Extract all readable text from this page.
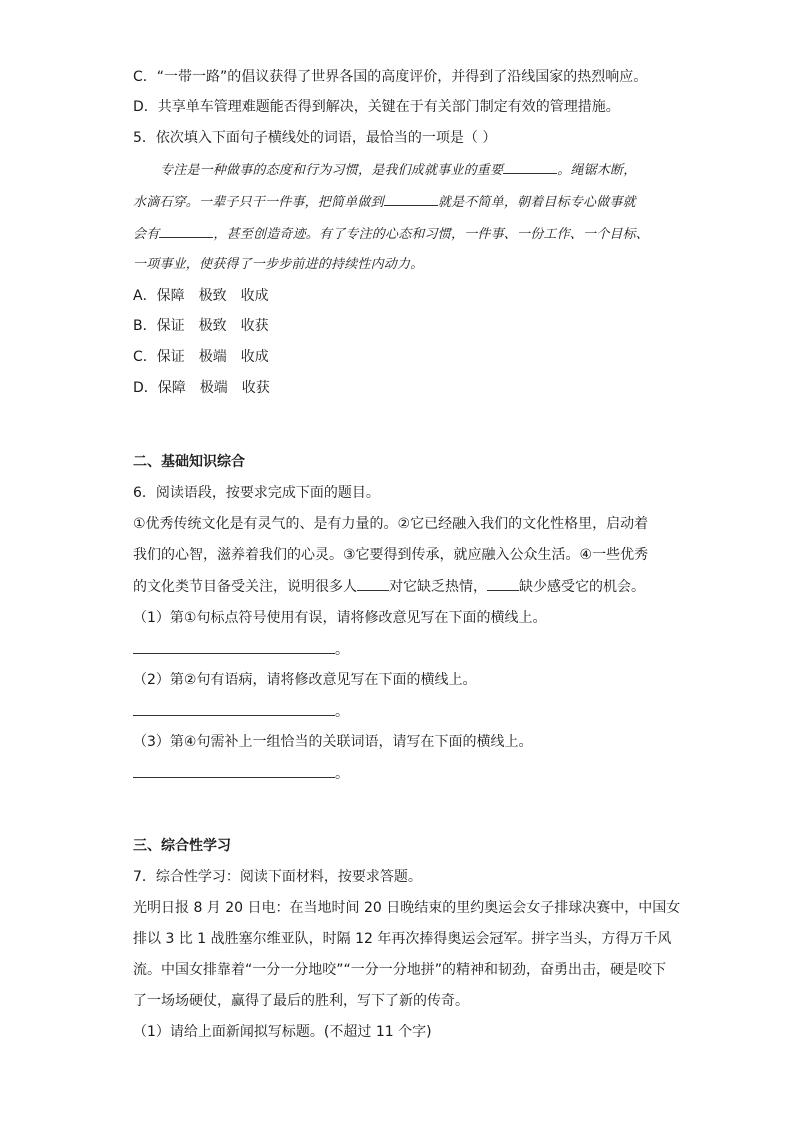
C．“一带一路”的倡议获得了世界各国的高度评价，并得到了沿线国家的热烈响应。
D．共享单车管理难题能否得到解决，关键在于有关部门制定有效的管理措施。
5．依次填入下面句子横线处的词语，最恰当的一项是（ ）
专注是一种做事的态度和行为习惯，是我们成就事业的重要	。绳锯木断，
水滴石穿。一辈子只干一件事，把简单做到	就是不简单，朝着目标专心做事就
会有	，甚至创造奇迹。有了专注的心态和习惯，一件事、一份工作、一个目标、
一项事业，使获得了一步步前进的持续性内动力。
A．保障 极致 收成
B．保证 极致 收获
C．保证 极端 收成
D．保障 极端 收获
二、基础知识综合
6．阅读语段，按要求完成下面的题目。
①优秀传统文化是有灵气的、是有力量的。②它已经融入我们的文化性格里，启动着
我们的心智，滋养着我们的心灵。③它要得到传承，就应融入公众生活。④一些优秀
的文化类节目备受关注，说明很多人 对它缺乏热情， 缺少感受它的机会。
（1）第①句标点符号使用有误，请将修改意见写在下面的横线上。
。
（2）第②句有语病，请将修改意见写在下面的横线上。
。
（3）第④句需补上一组恰当的关联词语，请写在下面的横线上。
。
三、综合性学习
7．综合性学习：阅读下面材料，按要求答题。
光明日报 8 月 20 日电：在当地时间 20 日晚结束的里约奥运会女子排球决赛中，中国女
排以 3 比 1 战胜塞尔维亚队，时隔 12 年再次捧得奥运会冠军。拼字当头，方得万千风
流。中国女排靠着“一分一分地咬”“一分一分地拼”的精神和韧劲，奋勇出击，硬是咬下
了一场场硬仗，赢得了最后的胜利，写下了新的传奇。
（1）请给上面新闻拟写标题。(不超过 11 个字)
